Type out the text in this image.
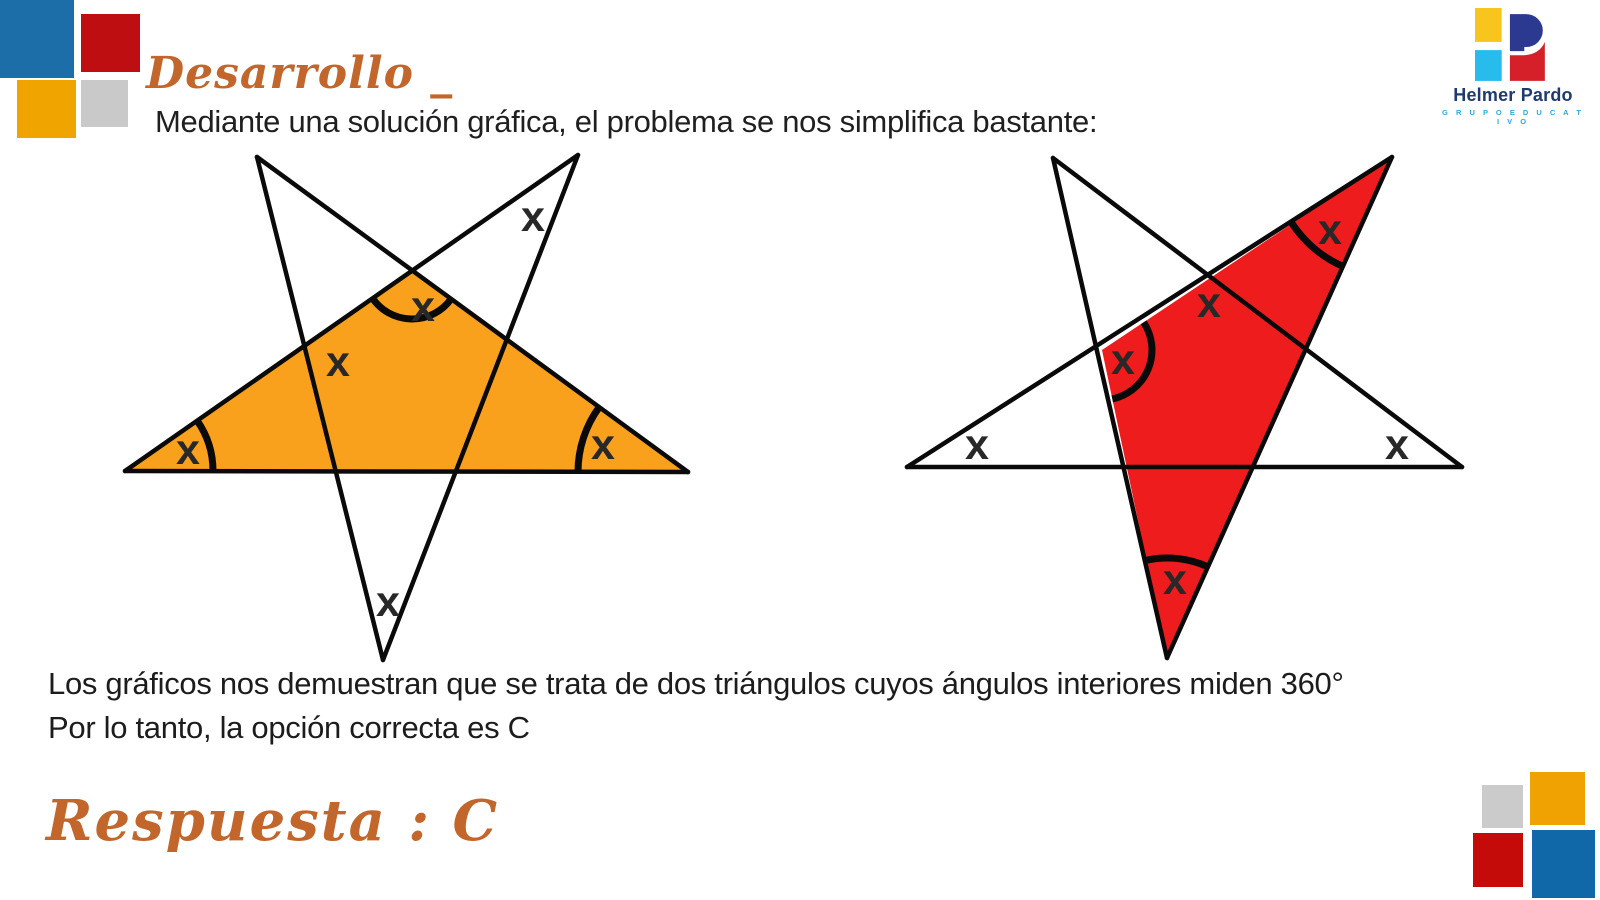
Desarrollo _
Mediante una solución gráfica, el problema se nos simplifica bastante:
x
x
x
x	x
x
x
x
x
x
x	x
Los gráficos nos demuestran que se trata de dos triángulos cuyos ángulos interiores miden 360°
Por lo tanto, la opción correcta es C
Respuesta : C
Helmer Pardo
G R U P O E D U C A T I V O
